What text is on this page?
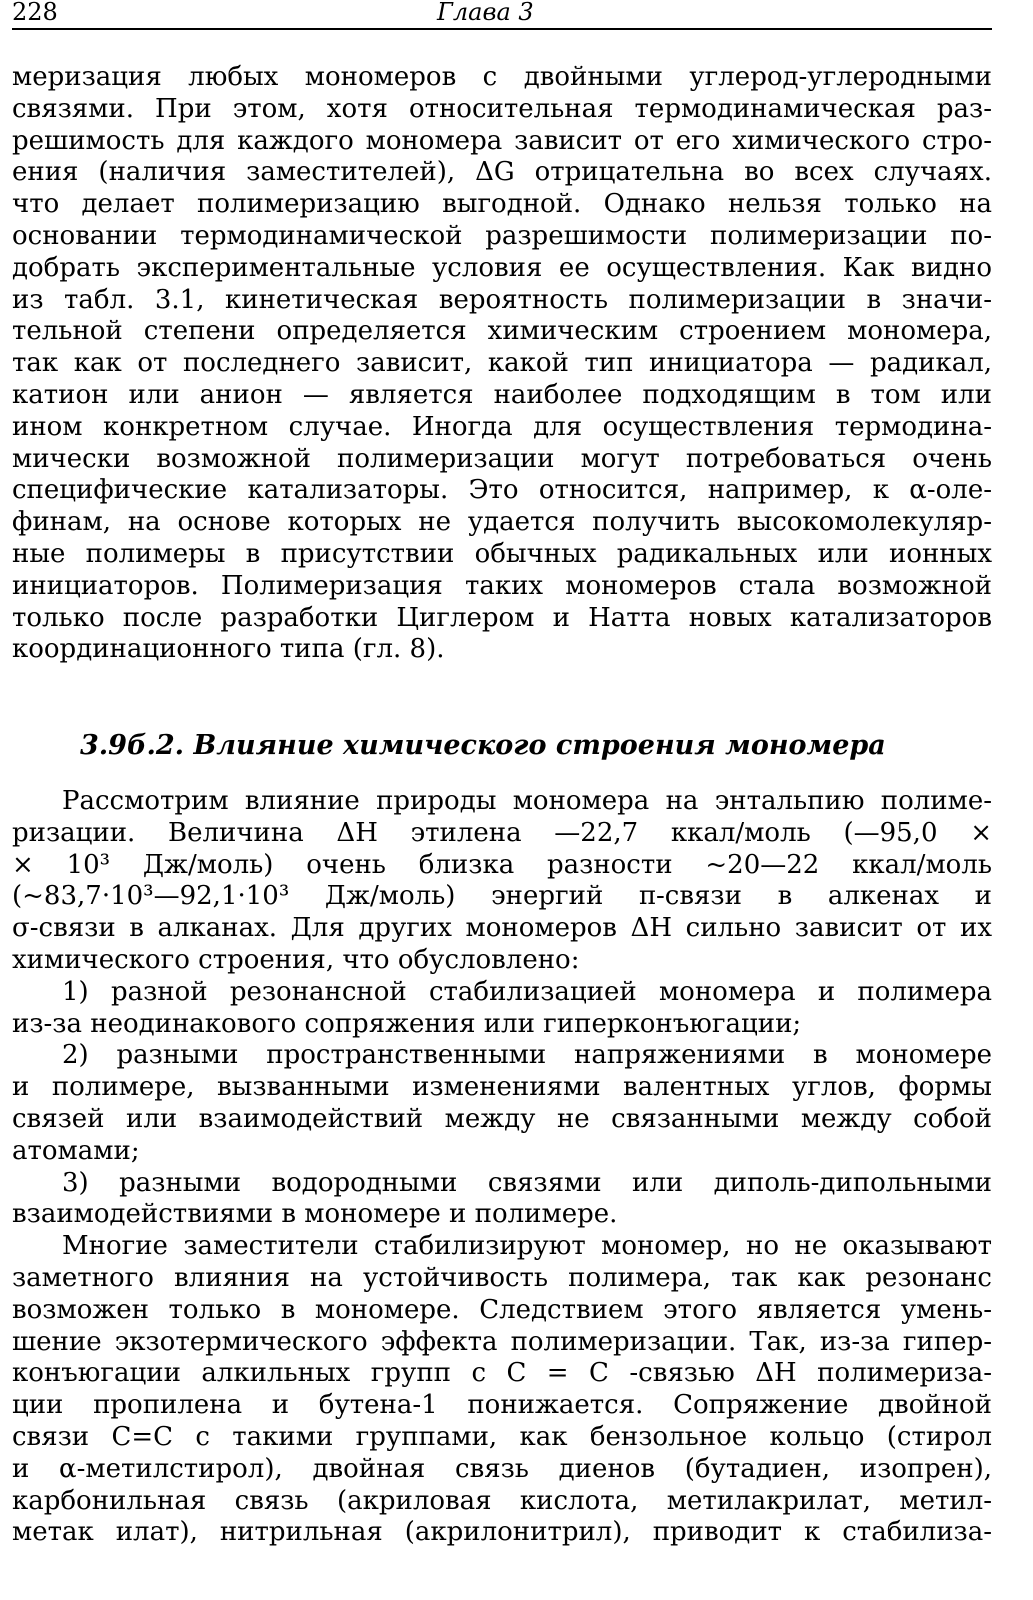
228	Глава 3
меризация любых мономеров с двойными углерод-углеродными
связями. При этом, хотя относительная термодинамическая раз-
решимость для каждого мономера зависит от его химического стро-
ения (наличия заместителей), ΔG отрицательна во всех случаях.
что делает полимеризацию выгодной. Однако нельзя только на
основании термодинамической разрешимости полимеризации по-
добрать экспериментальные условия ее осуществления. Как видно
из табл. 3.1, кинетическая вероятность полимеризации в значи-
тельной степени определяется химическим строением мономера,
так как от последнего зависит, какой тип инициатора — радикал,
катион или анион — является наиболее подходящим в том или
ином конкретном случае. Иногда для осуществления термодина-
мически возможной полимеризации могут потребоваться очень
специфические катализаторы. Это относится, например, к α-оле-
финам, на основе которых не удается получить высокомолекуляр-
ные полимеры в присутствии обычных радикальных или ионных
инициаторов. Полимеризация таких мономеров стала возможной
только после разработки Циглером и Натта новых катализаторов
координационного типа (гл. 8).
3.9б.2. Влияние химического строения мономера
Рассмотрим влияние природы мономера на энтальпию полиме-
ризации. Величина ΔH этилена —22,7 ккал/моль (—95,0 ×
× 10³ Дж/моль) очень близка разности ~20—22 ккал/моль
(~83,7·10³—92,1·10³ Дж/моль) энергий π-связи в алкенах и
σ-связи в алканах. Для других мономеров ΔH сильно зависит от их
химического строения, что обусловлено:
1) разной резонансной стабилизацией мономера и полимера
из-за неодинакового сопряжения или гиперконъюгации;
2) разными пространственными напряжениями в мономере
и полимере, вызванными изменениями валентных углов, формы
связей или взаимодействий между не связанными между собой
атомами;
3) разными водородными связями или диполь-дипольными
взаимодействиями в мономере и полимере.
Многие заместители стабилизируют мономер, но не оказывают
заметного влияния на устойчивость полимера, так как резонанс
возможен только в мономере. Следствием этого является умень-
шение экзотермического эффекта полимеризации. Так, из-за гипер-
конъюгации алкильных групп с C = C -связью ΔH полимериза-
ции пропилена и бутена-1 понижается. Сопряжение двойной
связи C=C с такими группами, как бензольное кольцо (стирол
и α-метилстирол), двойная связь диенов (бутадиен, изопрен),
карбонильная связь (акриловая кислота, метилакрилат, метил-
метак илат), нитрильная (акрилонитрил), приводит к стабилиза-
